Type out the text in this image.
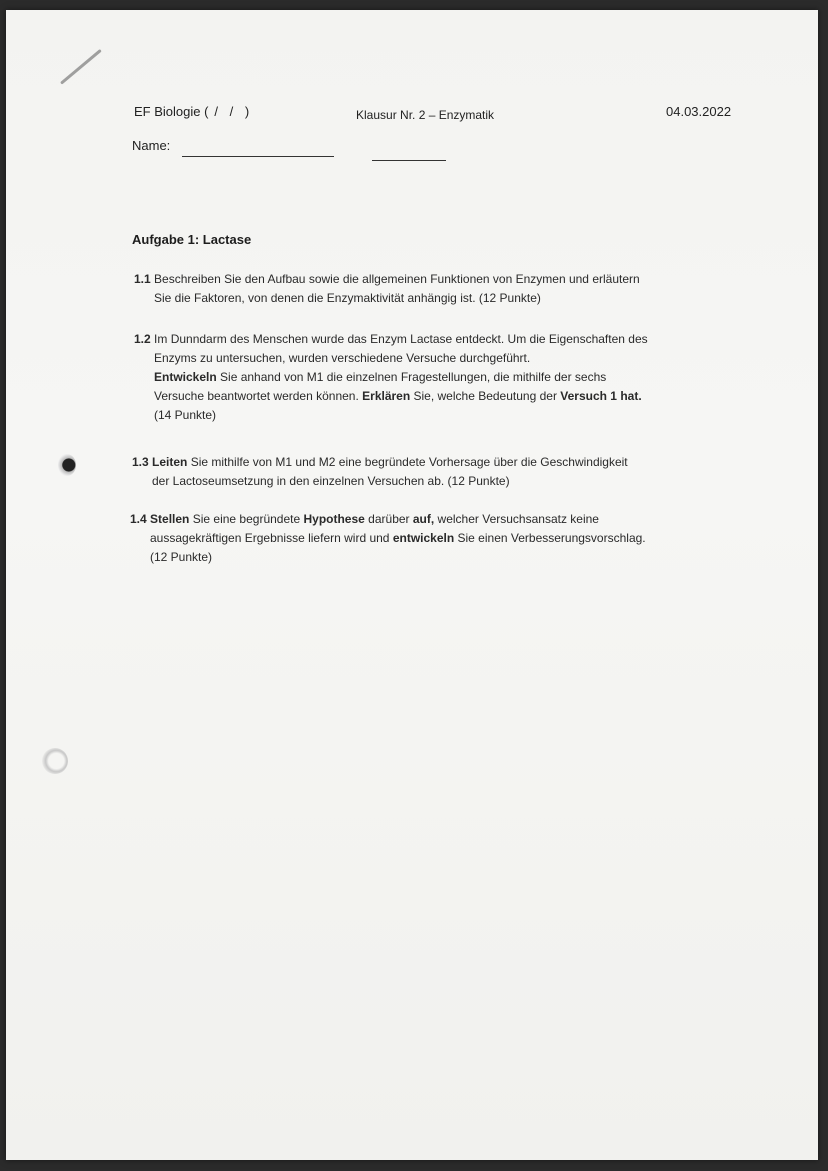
EF Biologie ( / / )	Klausur Nr. 2 – Enzymatik	04.03.2022
Name:
Aufgabe 1: Lactase
1.1 Beschreiben Sie den Aufbau sowie die allgemeinen Funktionen von Enzymen und erläutern
Sie die Faktoren, von denen die Enzymaktivität anhängig ist. (12 Punkte)
1.2 Im Dunndarm des Menschen wurde das Enzym Lactase entdeckt. Um die Eigenschaften des
Enzyms zu untersuchen, wurden verschiedene Versuche durchgeführt.
Entwickeln Sie anhand von M1 die einzelnen Fragestellungen, die mithilfe der sechs
Versuche beantwortet werden können. Erklären Sie, welche Bedeutung der Versuch 1 hat.
(14 Punkte)
1.3 Leiten Sie mithilfe von M1 und M2 eine begründete Vorhersage über die Geschwindigkeit
der Lactoseumsetzung in den einzelnen Versuchen ab. (12 Punkte)
1.4 Stellen Sie eine begründete Hypothese darüber auf, welcher Versuchsansatz keine
aussagekräftigen Ergebnisse liefern wird und entwickeln Sie einen Verbesserungsvorschlag.
(12 Punkte)
